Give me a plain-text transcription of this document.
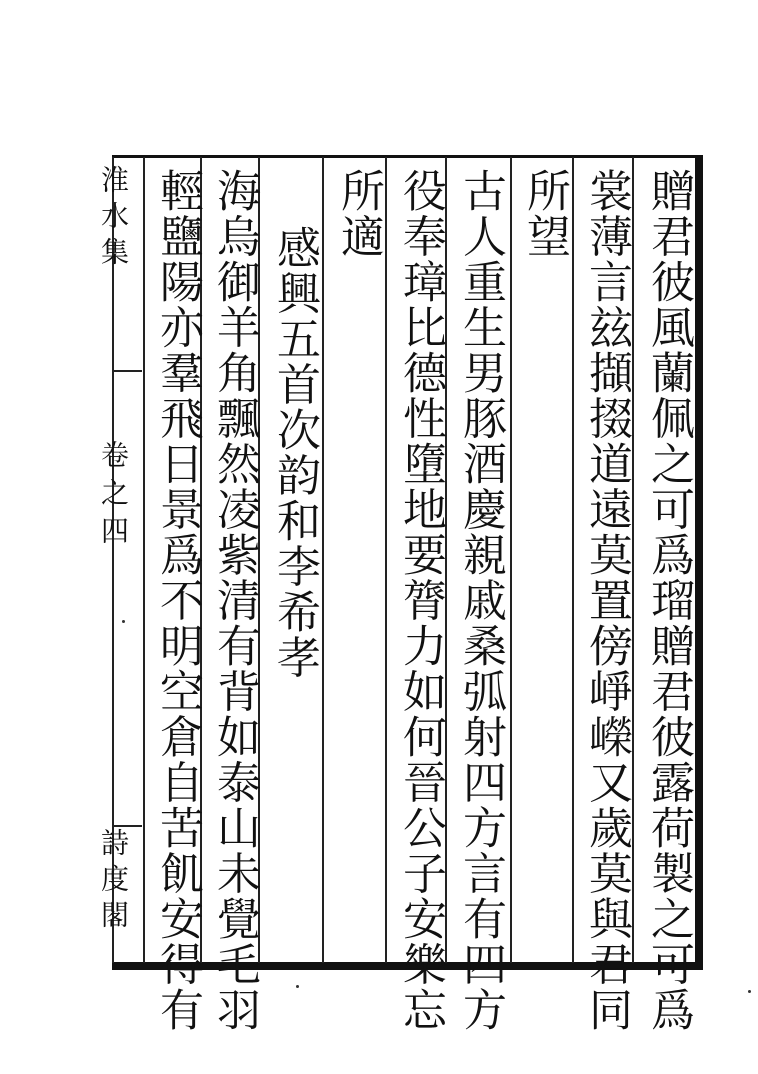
贈君彼風蘭佩之可爲瑠贈君彼露荷製之可爲
裳薄言玆擷掇道遠莫置傍崢嶸又歲莫與君同
所望
古人重生男豚酒慶親戚桑弧射四方言有四方
役奉璋比德性墮地要膂力如何晉公子安樂忘
所適
感興五首次韵和李希孝
海烏御羊角飄然凌紫清有背如泰山未覺毛羽
輕鹽陽亦羣飛日景爲不明空倉自苦飢安得有
淮水集
卷之四
詩度閣
